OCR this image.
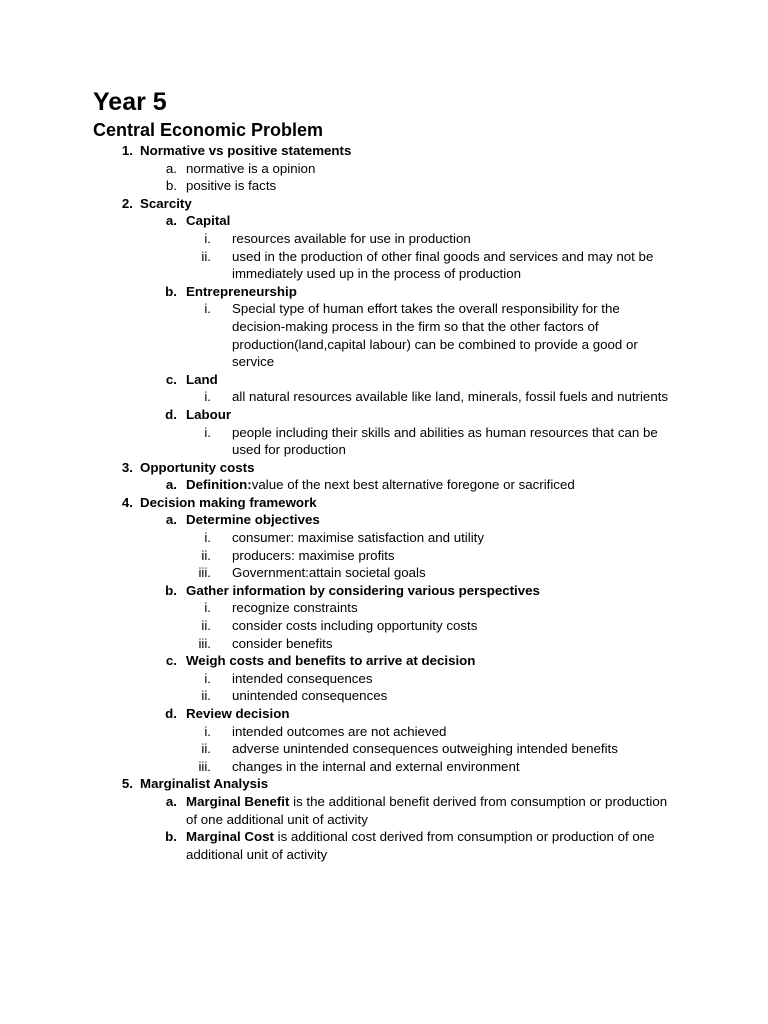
Year 5
Central Economic Problem
1. Normative vs positive statements
a. normative is a opinion
b. positive is facts
2. Scarcity
a. Capital
i. resources available for use in production
ii. used in the production of other final goods and services and may not be immediately used up in the process of production
b. Entrepreneurship
i. Special type of human effort takes the overall responsibility for the decision-making process in the firm so that the other factors of production(land,capital labour) can be combined to provide a good or service
c. Land
i. all natural resources available like land, minerals, fossil fuels and nutrients
d. Labour
i. people including their skills and abilities as human resources that can be used for production
3. Opportunity costs
a. Definition:value of the next best alternative foregone or sacrificed
4. Decision making framework
a. Determine objectives
i. consumer: maximise satisfaction and utility
ii. producers: maximise profits
iii. Government:attain societal goals
b. Gather information by considering various perspectives
i. recognize constraints
ii. consider costs including opportunity costs
iii. consider benefits
c. Weigh costs and benefits to arrive at decision
i. intended consequences
ii. unintended consequences
d. Review decision
i. intended outcomes are not achieved
ii. adverse unintended consequences outweighing intended benefits
iii. changes in the internal and external environment
5. Marginalist Analysis
a. Marginal Benefit is the additional benefit derived from consumption or production of one additional unit of activity
b. Marginal Cost is additional cost derived from consumption or production of one additional unit of activity
